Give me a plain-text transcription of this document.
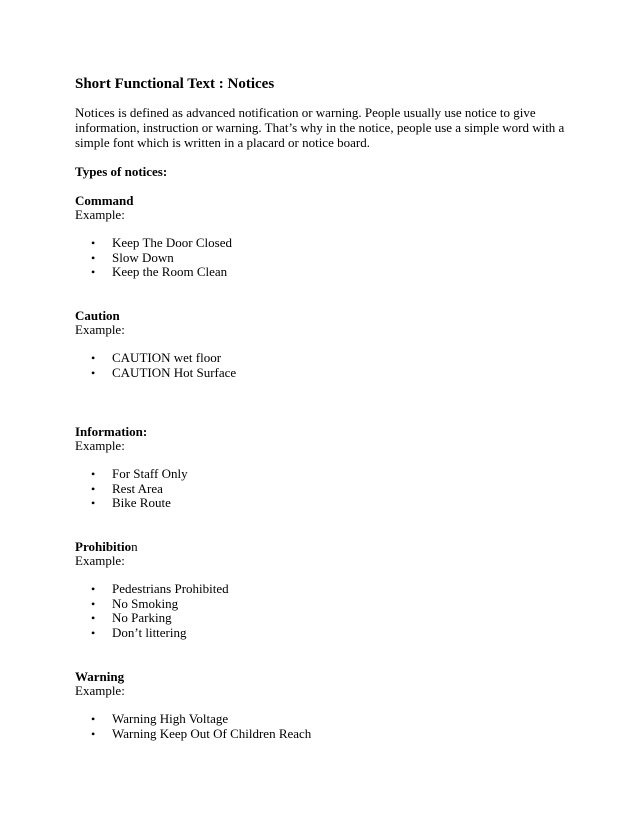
Short Functional Text : Notices
Notices is defined as advanced notification or warning. People usually use notice to give
information, instruction or warning. That’s why in the notice, people use a simple word with a
simple font which is written in a placard or notice board.
Types of notices:
Command
Example:
• Keep The Door Closed
• Slow Down
• Keep the Room Clean
Caution
Example:
• CAUTION wet floor
• CAUTION Hot Surface
Information:
Example:
• For Staff Only
• Rest Area
• Bike Route
Prohibition
Example:
• Pedestrians Prohibited
• No Smoking
• No Parking
• Don’t littering
Warning
Example:
• Warning High Voltage
• Warning Keep Out Of Children Reach
